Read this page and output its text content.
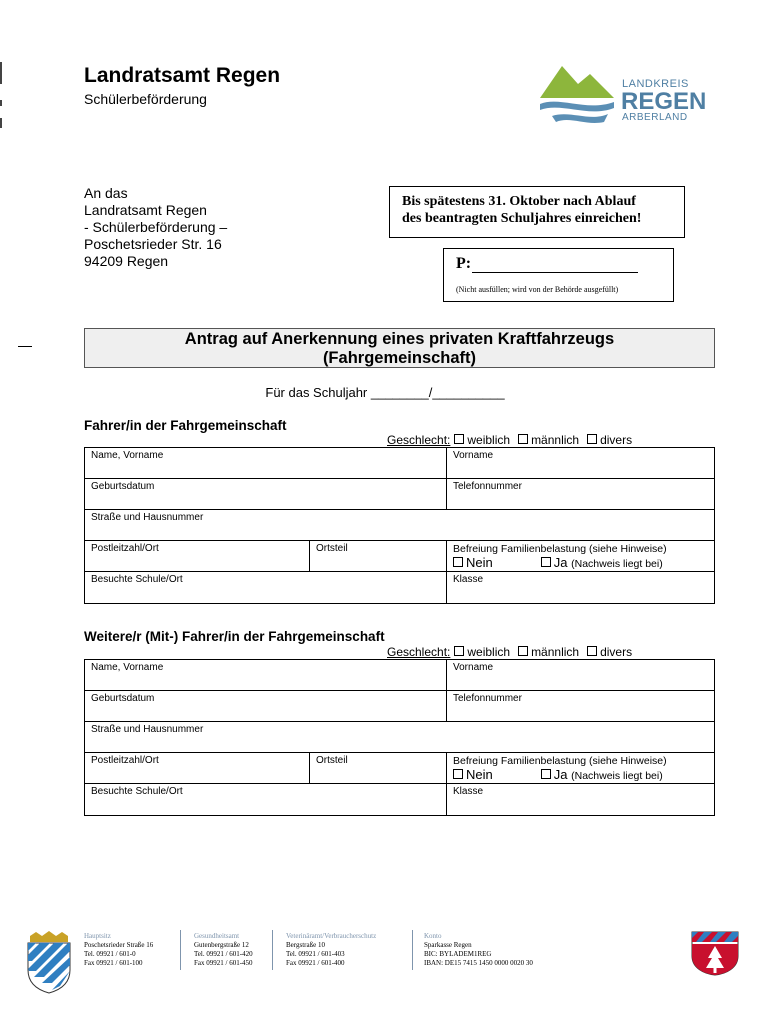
Landratsamt Regen
Schülerbeförderung
LANDKREIS
REGEN
ARBERLAND
An das
Landratsamt Regen
- Schülerbeförderung –
Poschetsrieder Str. 16
94209 Regen
Bis spätestens 31. Oktober nach Ablauf
des beantragten Schuljahres einreichen!
P:
(Nicht ausfüllen; wird von der Behörde ausgefüllt)
Antrag auf Anerkennung eines privaten Kraftfahrzeugs
(Fahrgemeinschaft)
Für das Schuljahr ________/__________
Fahrer/in der Fahrgemeinschaft
Geschlecht: weiblich männlich divers
Name, Vorname	Vorname
Geburtsdatum	Telefonnummer
Straße und Hausnummer
Postleitzahl/Ort	Ortsteil	Befreiung Familienbelastung (siehe Hinweise)
Nein	Ja (Nachweis liegt bei)
Besuchte Schule/Ort	Klasse
Weitere/r (Mit-) Fahrer/in der Fahrgemeinschaft
Geschlecht: weiblich männlich divers
Name, Vorname	Vorname
Geburtsdatum	Telefonnummer
Straße und Hausnummer
Postleitzahl/Ort	Ortsteil	Befreiung Familienbelastung (siehe Hinweise)
Nein	Ja (Nachweis liegt bei)
Besuchte Schule/Ort	Klasse
Hauptsitz
Poschetsrieder Straße 16
Tel. 09921 / 601-0
Fax 09921 / 601-100
Gesundheitsamt
Gutenbergstraße 12
Tel. 09921 / 601-420
Fax 09921 / 601-450
Veterinäramt/Verbraucherschutz
Bergstraße 10
Tel. 09921 / 601-403
Fax 09921 / 601-400
Konto
Sparkasse Regen
BIC: BYLADEM1REG
IBAN: DE15 7415 1450 0000 0020 30
